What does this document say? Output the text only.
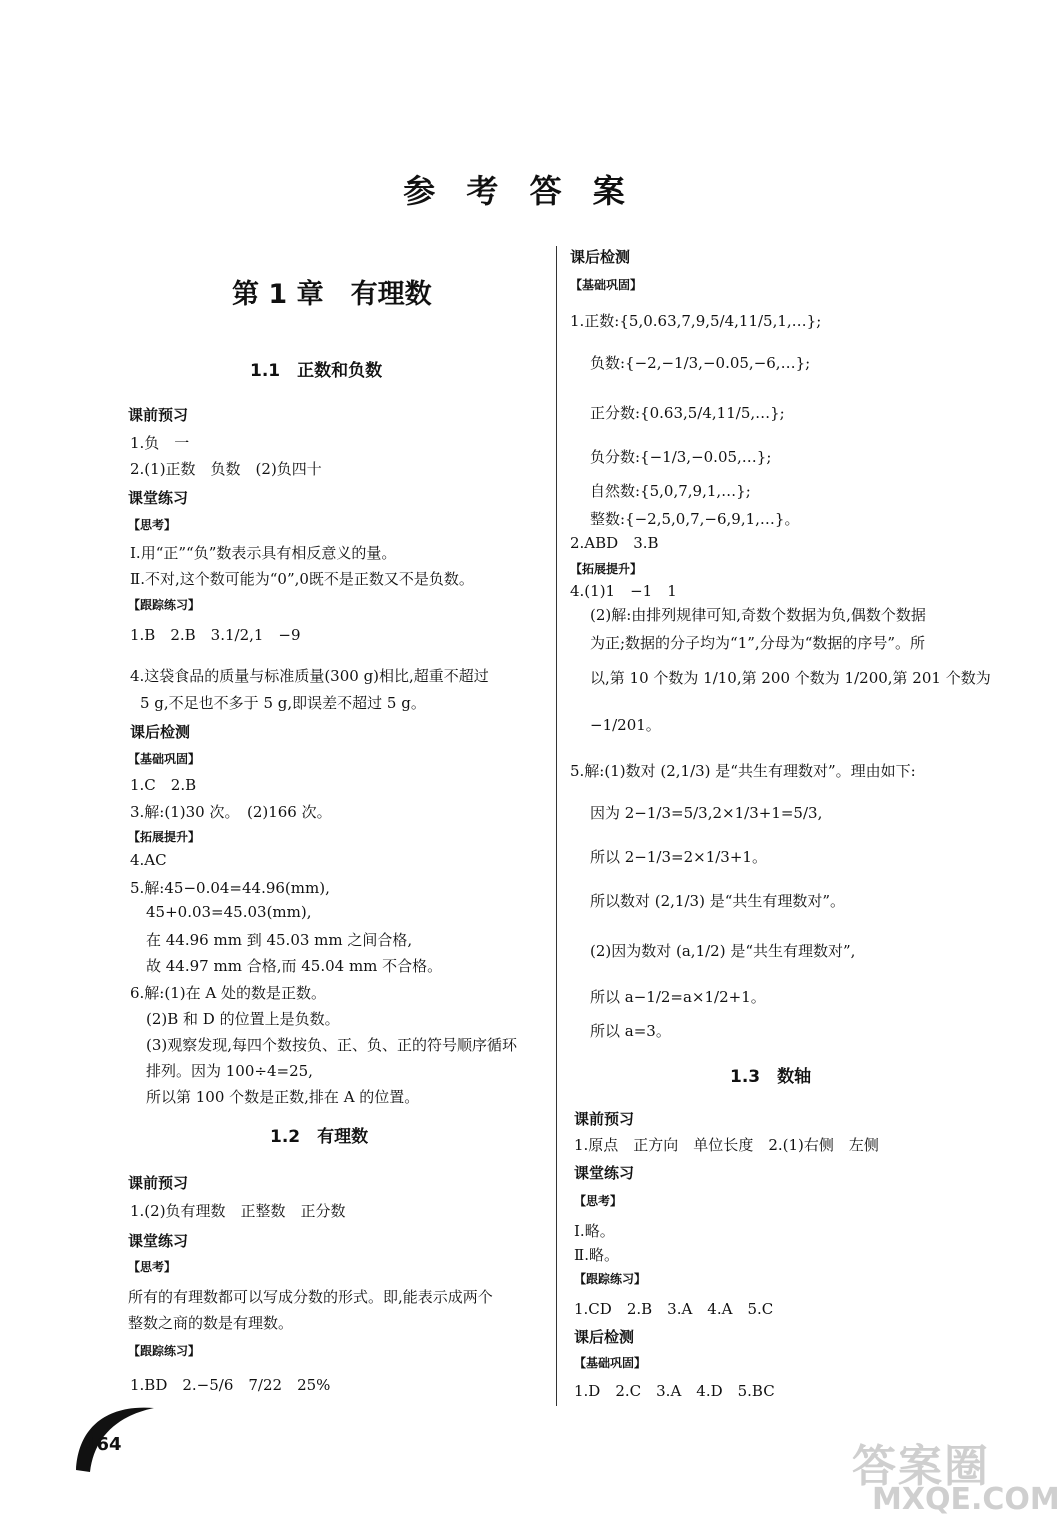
参 考 答 案
第 1 章　有理数
1.1　正数和负数
课前预习
1.负　一
2.(1)正数　负数　(2)负四十
课堂练习
【思考】
Ⅰ.用“正”“负”数表示具有相反意义的量。
Ⅱ.不对,这个数可能为“0”,0既不是正数又不是负数。
【跟踪练习】
1.B　2.B　3.1/2,1　−9
4.这袋食品的质量与标准质量(300 g)相比,超重不超过
5 g,不足也不多于 5 g,即误差不超过 5 g。
课后检测
【基础巩固】
1.C　2.B
3.解:(1)30 次。　(2)166 次。
【拓展提升】
4.AC
5.解:45−0.04=44.96(mm),
45+0.03=45.03(mm),
在 44.96 mm 到 45.03 mm 之间合格,
故 44.97 mm 合格,而 45.04 mm 不合格。
6.解:(1)在 A 处的数是正数。
(2)B 和 D 的位置上是负数。
(3)观察发现,每四个数按负、正、负、正的符号顺序循环
排列。因为 100÷4=25,
所以第 100 个数是正数,排在 A 的位置。
1.2　有理数
课前预习
1.(2)负有理数　正整数　正分数
课堂练习
【思考】
所有的有理数都可以写成分数的形式。即,能表示成两个
整数之商的数是有理数。
【跟踪练习】
1.BD　2.−5/6　7/22　25%
课后检测
【基础巩固】
1.正数:{5,0.63,7,9,5/4,11/5,1,…};
负数:{−2,−1/3,−0.05,−6,…};
正分数:{0.63,5/4,11/5,…};
负分数:{−1/3,−0.05,…};
自然数:{5,0,7,9,1,…};
整数:{−2,5,0,7,−6,9,1,…}。
2.ABD　3.B
【拓展提升】
4.(1)1　−1　1
(2)解:由排列规律可知,奇数个数据为负,偶数个数据
为正;数据的分子均为“1”,分母为“数据的序号”。所
以,第 10 个数为 1/10,第 200 个数为 1/200,第 201 个数为
−1/201。
5.解:(1)数对 (2,1/3) 是“共生有理数对”。理由如下:
因为 2−1/3=5/3,2×1/3+1=5/3,
所以 2−1/3=2×1/3+1。
所以数对 (2,1/3) 是“共生有理数对”。
(2)因为数对 (a,1/2) 是“共生有理数对”,
所以 a−1/2=a×1/2+1。
所以 a=3。
1.3　数轴
课前预习
1.原点　正方向　单位长度　2.(1)右侧　左侧
课堂练习
【思考】
Ⅰ.略。
Ⅱ.略。
【跟踪练习】
1.CD　2.B　3.A　4.A　5.C
课后检测
【基础巩固】
1.D　2.C　3.A　4.D　5.BC
164	答案圈
MXQE.COM
